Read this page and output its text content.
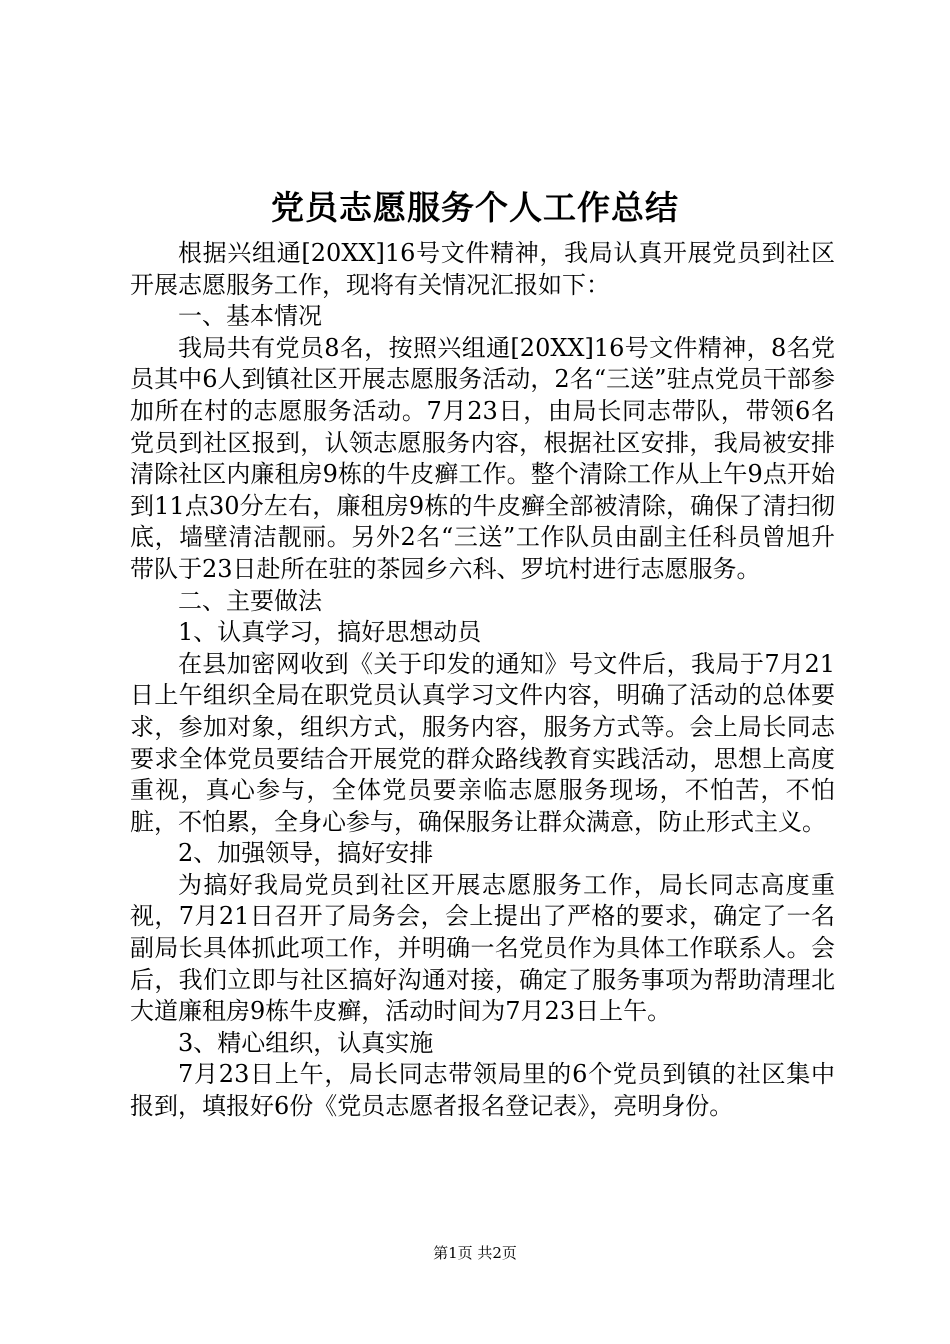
党员志愿服务个人工作总结

根据兴组通[20XX]16号文件精神，我局认真开展党员到社区开展志愿服务工作，现将有关情况汇报如下：

一、基本情况

我局共有党员8名，按照兴组通[20XX]16号文件精神，8名党员其中6人到镇社区开展志愿服务活动，2名“三送”驻点党员干部参加所在村的志愿服务活动。7月23日，由局长同志带队，带领6名党员到社区报到，认领志愿服务内容，根据社区安排，我局被安排清除社区内廉租房9栋的牛皮癣工作。整个清除工作从上午9点开始到11点30分左右，廉租房9栋的牛皮癣全部被清除，确保了清扫彻底，墙壁清洁靓丽。另外2名“三送”工作队员由副主任科员曾旭升带队于23日赴所在驻的茶园乡六科、罗坑村进行志愿服务。

二、主要做法

1、认真学习，搞好思想动员

在县加密网收到《关于印发的通知》号文件后，我局于7月21日上午组织全局在职党员认真学习文件内容，明确了活动的总体要求，参加对象，组织方式，服务内容，服务方式等。会上局长同志要求全体党员要结合开展党的群众路线教育实践活动，思想上高度重视，真心参与，全体党员要亲临志愿服务现场，不怕苦，不怕脏，不怕累，全身心参与，确保服务让群众满意，防止形式主义。

2、加强领导，搞好安排

为搞好我局党员到社区开展志愿服务工作，局长同志高度重视，7月21日召开了局务会，会上提出了严格的要求，确定了一名副局长具体抓此项工作，并明确一名党员作为具体工作联系人。会后，我们立即与社区搞好沟通对接，确定了服务事项为帮助清理北大道廉租房9栋牛皮癣，活动时间为7月23日上午。

3、精心组织，认真实施

7月23日上午，局长同志带领局里的6个党员到镇的社区集中报到，填报好6份《党员志愿者报名登记表》，亮明身份。

第1页 共2页
